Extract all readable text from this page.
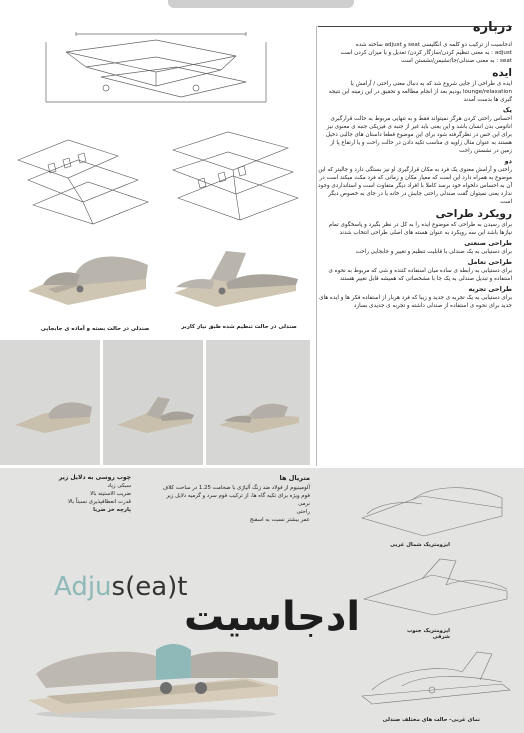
صندلی در حالت بسته و آماده ی جابجایی	صندلی در حالت تنظیم شده طبق نیاز کاربر
درباره

ادجاسیت از ترکیب دو کلمه ی انگلیسی seat و adjust ساخته شده

adjust : به معنی تنظیم کردن/سازگار کردن/ تعدیل و یا میزان کردن است

seat : به معنی صندلی/جا/نشیمن/نشستن است

ایده

ایده ی طراحی از جایی شروع شد که به دنبال معنی راحتی / آرامش یا lounge/relaxation بودیم بعد از انجام مطالعه و تحقیق در این زمینه این نتیجه گیری ها بدست آمدند

یک

احساس راحتی کردن هرگز نمیتواند فقط و به تنهایی مربوط به حالت قرارگیری اناتومی بدن انسان باشد و این یعنی باید غیر از جنبه ی فیزیکی جنبه ی معنوی نیز برای این حس در نظرگرفته شود برای این موضوع قطعا داستان های جالبی دخیل هستند به عنوان مثال زاویه ی مناسب تکیه دادن در حالت راحت و یا ارتفاع پا از زمین در نشستن راحت

دو

راحتی و آرامش معنوی یک فرد به مکان قرارگیری او نیز بستگی دارد و جالبتر که این موضوع به همراه دارد این است که معیار مکان و زمانی که فرد مکث میکند است در آن به احساس دلخواه خود برسد کاملا با افراد دیگر متفاوت است و استانداردی وجود ندارد یعنی نمیتوان گفت صندلی راحتی جایش در خانه یا در جای به خصوص دیگر است

رویکرد طراحی

برای رسیدن به طراحی که موضوع ایده را به کل در نظر بگیرد و پاسخگوی تمام نیازها باشد این سه رویکرد به عنوان هسته های اصلی طراحی انتخاب شدند

طراحی صنعتی

برای دستیابی به یک صندلی با قابلیت تنظیم و تغییر و جابجایی راحت

طراحی تعامل

برای دستیابی به رابطه ی ساده میان استفاده کننده و شی که مربوط به نحوه ی استفاده و تبدیل صندلی به یک جا با مشخصاتی که همیشه قابل تغییر هستند

طراحی تجربه

برای دستیابی به یک تجربه ی جدید و زیبا که فرد هربار از استفاده فکر ها و ایده های جدید برای نحوه ی استفاده از صندلی داشته و تجربه ی جدیدی بسازد

متریال ها
آلومینیوم از فولاد ضد زنگ آلیاژی با ضخامت 1.25 در ساخت کلاف
فوم ویژه برای تکیه گاه ها، از ترکیب فوم سرد و گرمیه دلایل زیر
نرمی
راحتی
عمر بیشتر نسبت به اسفنج
چوب روسی به دلایل زیر
سبکی زیاد
ضریب الاستیته بالا
قدرت انعطافپذیری نسبتاً بالا
پارچه خز ضربا
Adjus(ea)t
ادجاسیت
ایزومتریک شمال غربی
ایزومتریک جنوب شرقی
نمای غربی- حالت های مختلف صندلی
